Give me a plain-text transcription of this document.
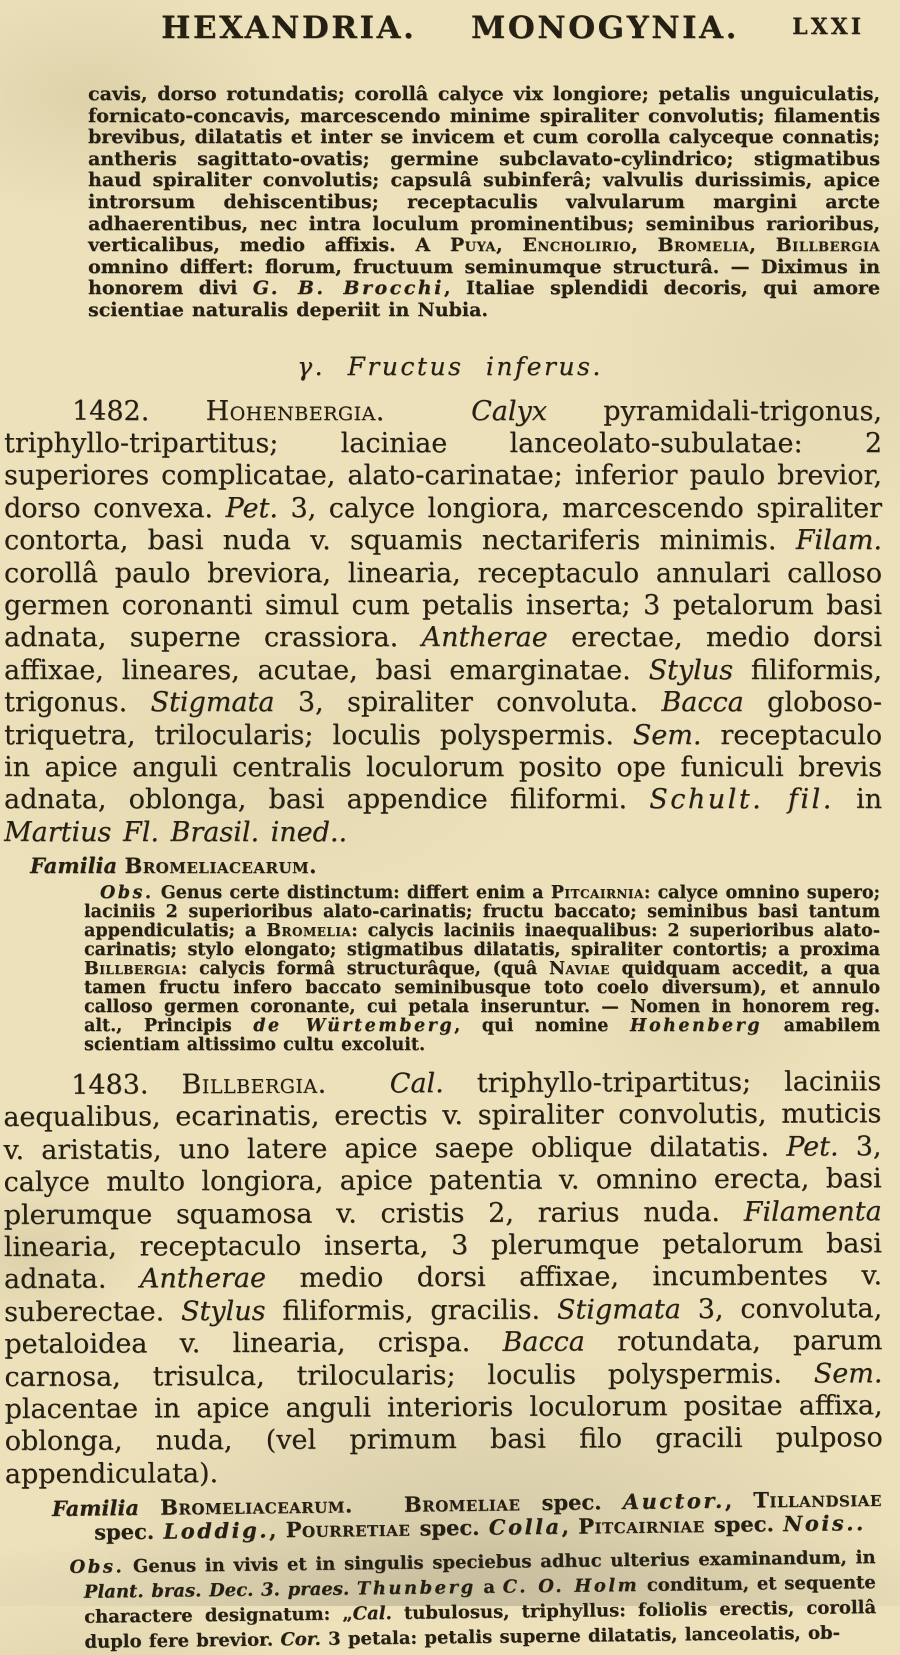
HEXANDRIA.  MONOGYNIA.	LXXI

cavis, dorso rotundatis; corollâ calyce vix longiore; petalis unguiculatis, fornicato-concavis, marcescendo minime spiraliter convolutis; filamentis brevibus, dilatatis et inter se invicem et cum corolla calyceque connatis; antheris sagittato-ovatis; germine subclavato-cylindrico; stigmatibus haud spiraliter convolutis; capsulâ subinferâ; valvulis durissimis, apice introrsum dehiscentibus; receptaculis valvularum margini arcte adhaerentibus, nec intra loculum prominentibus; seminibus rarioribus, verticalibus, medio affixis. A Puya, Encholirio, Bromelia, Billbergia omnino differt: florum, fructuum seminumque structurâ. — Diximus in honorem divi G. B. Brocchi, Italiae splendidi decoris, qui amore scientiae naturalis deperiit in Nubia.

γ. Fructus inferus.

1482. Hohenbergia.	Calyx pyramidali-trigonus, triphyllo-tripartitus; laciniae lanceolato-subulatae: 2 superiores complicatae, alato-carinatae; inferior paulo brevior, dorso convexa. Pet. 3, calyce longiora, marcescendo spiraliter contorta, basi nuda v. squamis nectariferis minimis. Filam. corollâ paulo breviora, linearia, receptaculo annulari calloso germen coronanti simul cum petalis inserta; 3 petalorum basi adnata, superne crassiora. Antherae erectae, medio dorsi affixae, lineares, acutae, basi emarginatae. Stylus filiformis, trigonus. Stigmata 3, spiraliter convoluta. Bacca globoso-triquetra, trilocularis; loculis polyspermis. Sem. receptaculo in apice anguli centralis loculorum posito ope funiculi brevis adnata, oblonga, basi appendice filiformi. Schult. fil. in Martius Fl. Brasil. ined..

Familia Bromeliacearum.

Obs. Genus certe distinctum: differt enim a Pitcairnia: calyce omnino supero; laciniis 2 superioribus alato-carinatis; fructu baccato; seminibus basi tantum appendiculatis; a Bromelia: calycis laciniis inaequalibus: 2 superioribus alato-carinatis; stylo elongato; stigmatibus dilatatis, spiraliter contortis; a proxima Billbergia: calycis formâ structurâque, (quâ Naviae quidquam accedit, a qua tamen fructu infero baccato seminibusque toto coelo diversum), et annulo calloso germen coronante, cui petala inseruntur. — Nomen in honorem reg. alt., Principis de Würtemberg, qui nomine Hohenberg amabilem scientiam altissimo cultu excoluit.

1483. Billbergia. Cal. triphyllo-tripartitus; laciniis aequalibus, ecarinatis, erectis v. spiraliter convolutis, muticis v. aristatis, uno latere apice saepe oblique dilatatis. Pet. 3, calyce multo longiora, apice patentia v. omnino erecta, basi plerumque squamosa v. cristis 2, rarius nuda. Filamenta linearia, receptaculo inserta, 3 plerumque petalorum basi adnata. Antherae medio dorsi affixae, incumbentes v. suberectae. Stylus filiformis, gracilis. Stigmata 3, convoluta, petaloidea v. linearia, crispa. Bacca rotundata, parum carnosa, trisulca, trilocularis; loculis polyspermis. Sem. placentae in apice anguli interioris loculorum positae affixa, oblonga, nuda, (vel primum basi filo gracili pulposo appendiculata).

Familia Bromeliacearum. Bromeliae spec. Auctor., Tillandsiae spec. Loddig., Pourretiae spec. Colla, Pitcairniae spec. Nois..

Obs. Genus in vivis et in singulis speciebus adhuc ulterius examinandum, in Plant. bras. Dec. 3. praes. Thunberg a C. O. Holm conditum, et sequente charactere designatum: „Cal. tubulosus, triphyllus: foliolis erectis, corollâ duplo fere brevior. Cor. 3 petala: petalis superne dilatatis, lanceolatis, ob-
